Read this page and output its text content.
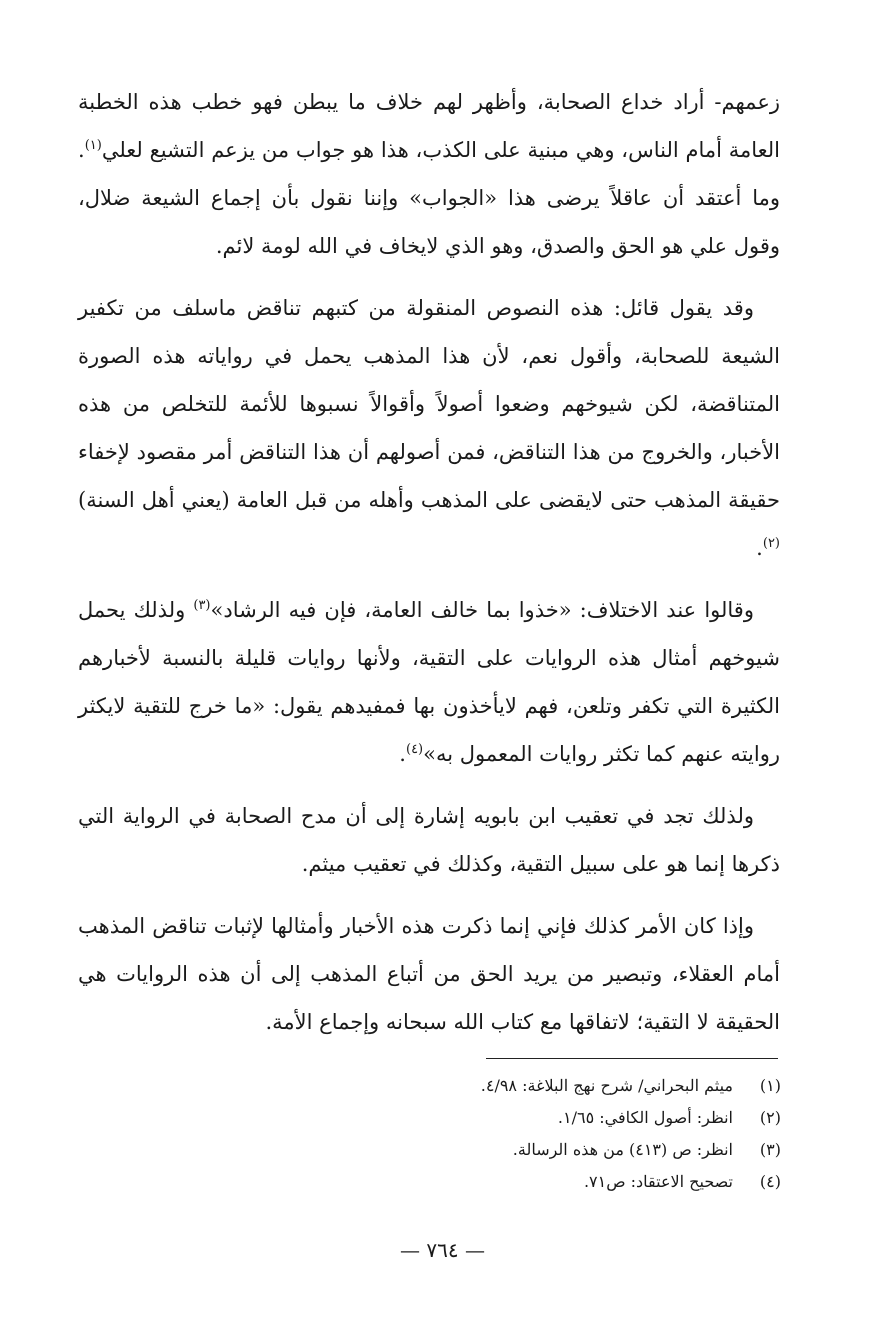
زعمهم- أراد خداع الصحابة، وأظهر لهم خلاف ما يبطن فهو خطب هذه الخطبة العامة أمام الناس، وهي مبنية على الكذب، هذا هو جواب من يزعم التشيع لعلي$^{(١)}$. وما أعتقد أن عاقلاً يرضى هذا «الجواب» وإننا نقول بأن إجماع الشيعة ضلال، وقول علي هو الحق والصدق، وهو الذي لايخاف في الله لومة لائم.

وقد يقول قائل: هذه النصوص المنقولة من كتبهم تناقض ماسلف من تكفير الشيعة للصحابة، وأقول نعم، لأن هذا المذهب يحمل في رواياته هذه الصورة المتناقضة، لكن شيوخهم وضعوا أصولاً وأقوالاً نسبوها للأئمة للتخلص من هذه الأخبار، والخروج من هذا التناقض، فمن أصولهم أن هذا التناقض أمر مقصود لإخفاء حقيقة المذهب حتى لايقضى على المذهب وأهله من قبل العامة (يعني أهل السنة)$^{(٢)}$.

وقالوا عند الاختلاف: «خذوا بما خالف العامة، فإن فيه الرشاد»$^{(٣)}$ ولذلك يحمل شيوخهم أمثال هذه الروايات على التقية، ولأنها روايات قليلة بالنسبة لأخبارهم الكثيرة التي تكفر وتلعن، فهم لايأخذون بها فمفيدهم يقول: «ما خرج للتقية لايكثر روايته عنهم كما تكثر روايات المعمول به»$^{(٤)}$.

ولذلك تجد في تعقيب ابن بابويه إشارة إلى أن مدح الصحابة في الرواية التي ذكرها إنما هو على سبيل التقية، وكذلك في تعقيب ميثم.

وإذا كان الأمر كذلك فإني إنما ذكرت هذه الأخبار وأمثالها لإثبات تناقض المذهب أمام العقلاء، وتبصير من يريد الحق من أتباع المذهب إلى أن هذه الروايات هي الحقيقة لا التقية؛ لاتفاقها مع كتاب الله سبحانه وإجماع الأمة.

(١)
ميثم البحراني/ شرح نهج البلاغة: ٤/٩٨.
(٢)
انظر: أصول الكافي: ١/٦٥.
(٣)
انظر: ص (٤١٣) من هذه الرسالة.
(٤)
تصحيح الاعتقاد: ص٧١.
— ٧٦٤ —
